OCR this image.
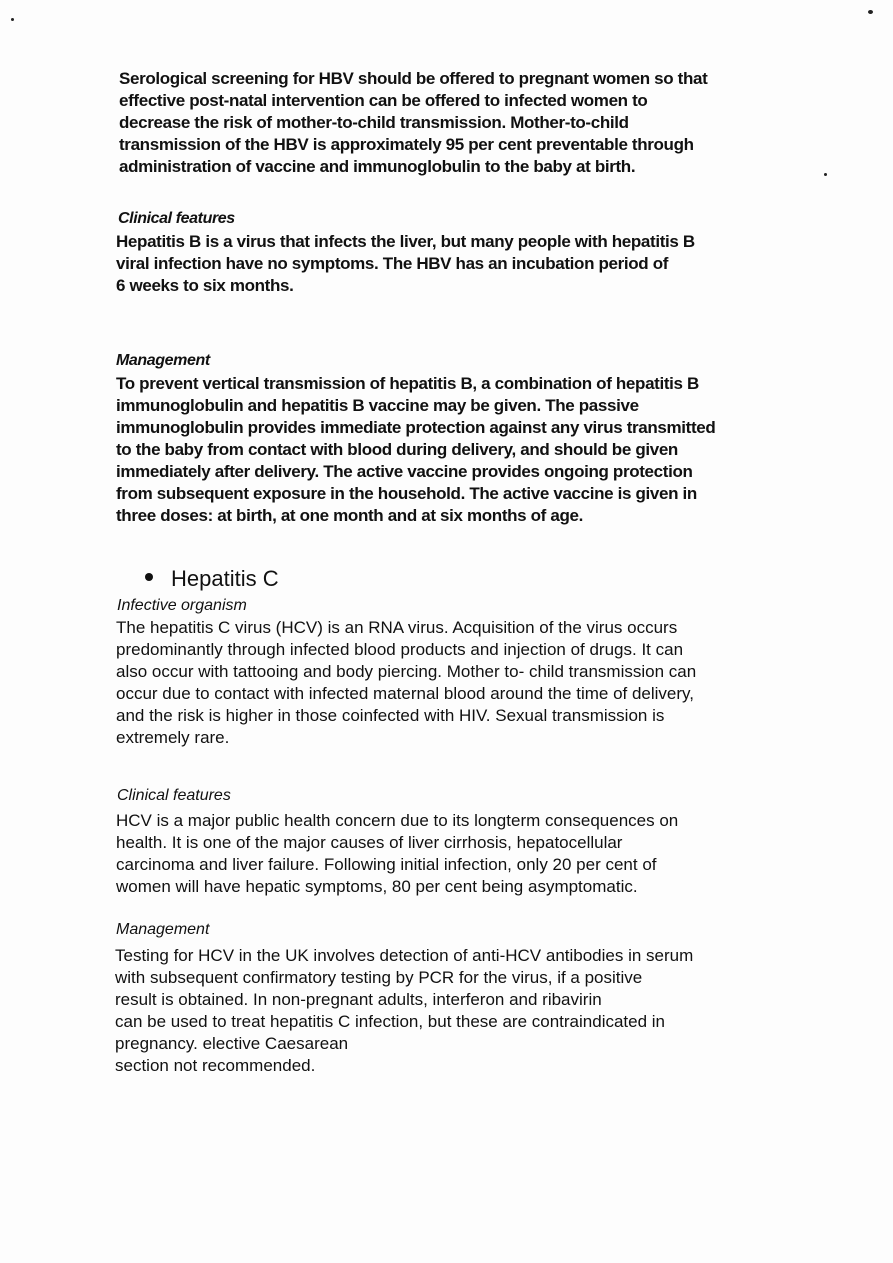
Serological screening for HBV should be offered to pregnant women so that
effective post-natal intervention can be offered to infected women to
decrease the risk of mother-to-child transmission. Mother-to-child
transmission of the HBV is approximately 95 per cent preventable through
administration of vaccine and immunoglobulin to the baby at birth.
Clinical features
Hepatitis B is a virus that infects the liver, but many people with hepatitis B
viral infection have no symptoms. The HBV has an incubation period of
6 weeks to six months.
Management
To prevent vertical transmission of hepatitis B, a combination of hepatitis B
immunoglobulin and hepatitis B vaccine may be given. The passive
immunoglobulin provides immediate protection against any virus transmitted
to the baby from contact with blood during delivery, and should be given
immediately after delivery. The active vaccine provides ongoing protection
from subsequent exposure in the household. The active vaccine is given in
three doses: at birth, at one month and at six months of age.
Hepatitis C
Infective organism
The hepatitis C virus (HCV) is an RNA virus. Acquisition of the virus occurs
predominantly through infected blood products and injection of drugs. It can
also occur with tattooing and body piercing. Mother to- child transmission can
occur due to contact with infected maternal blood around the time of delivery,
and the risk is higher in those coinfected with HIV. Sexual transmission is
extremely rare.
Clinical features
HCV is a major public health concern due to its longterm consequences on
health. It is one of the major causes of liver cirrhosis, hepatocellular
carcinoma and liver failure. Following initial infection, only 20 per cent of
women will have hepatic symptoms, 80 per cent being asymptomatic.
Management
Testing for HCV in the UK involves detection of anti-HCV antibodies in serum
with subsequent confirmatory testing by PCR for the virus, if a positive
result is obtained. In non-pregnant adults, interferon and ribavirin
can be used to treat hepatitis C infection, but these are contraindicated in
pregnancy. elective Caesarean
section not recommended.
